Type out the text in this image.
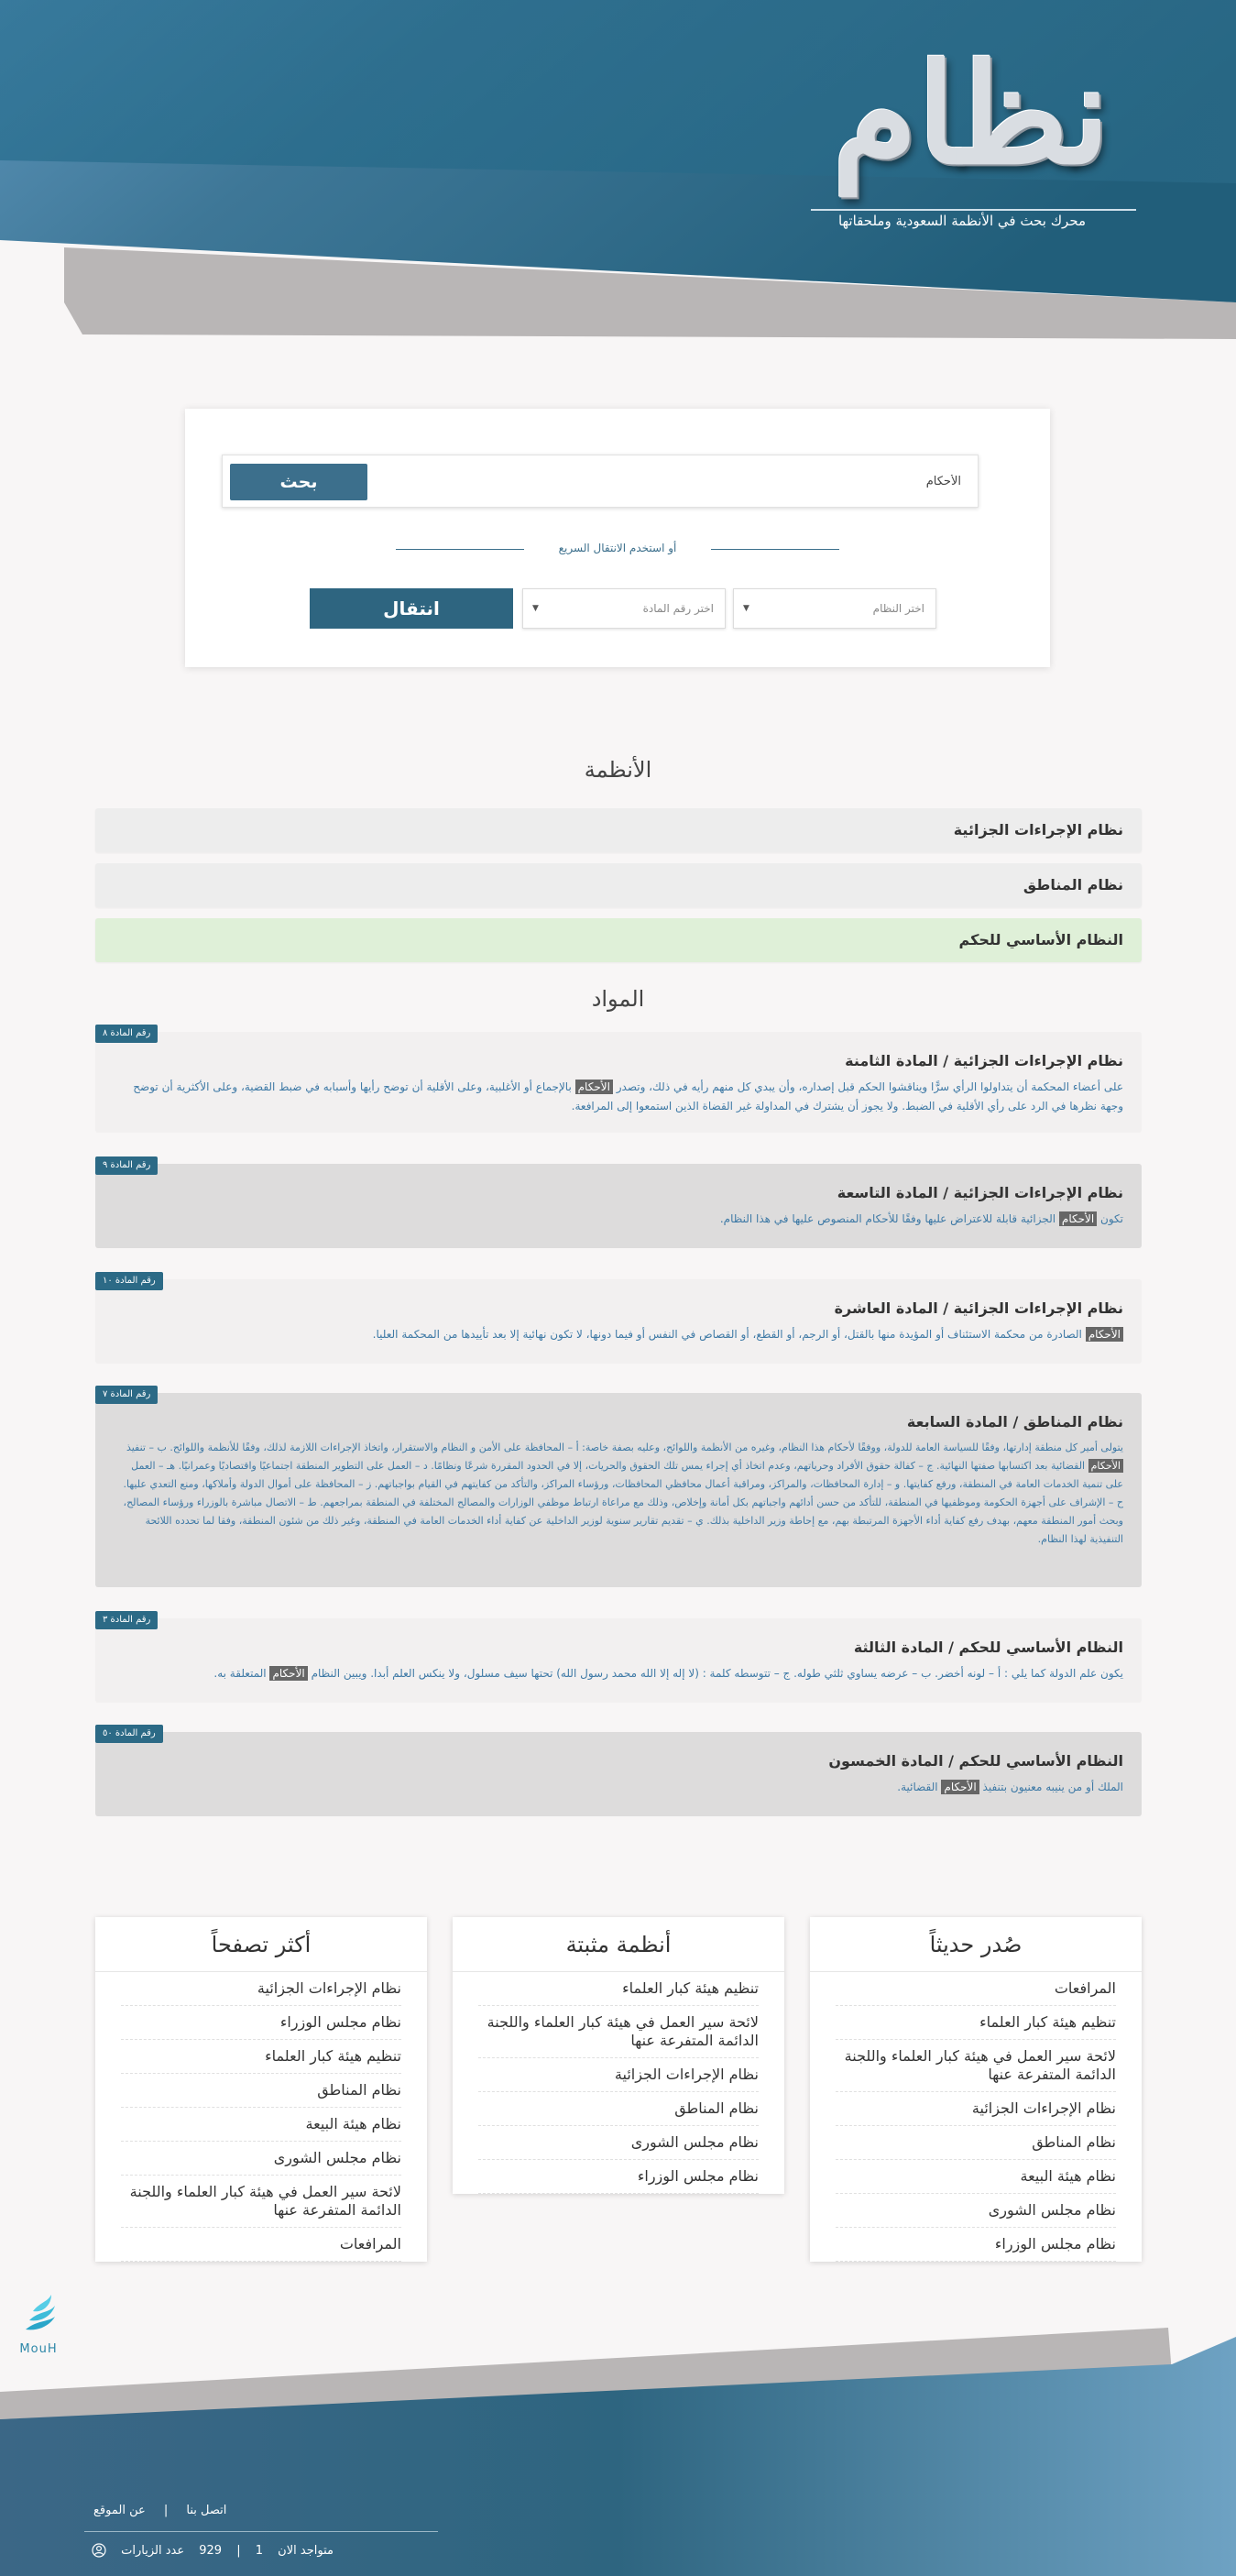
نظام
محرك بحث في الأنظمة السعودية وملحقاتها
الأحكام
بحث
أو استخدم الانتقال السريع
اختر النظام
▼
اختر رقم المادة
▼
انتقال
الأنظمة
نظام الإجراءات الجزائية
نظام المناطق
النظام الأساسي للحكم
المواد
رقم المادة ٨
نظام الإجراءات الجزائية / المادة الثامنة
على أعضاء المحكمة أن يتداولوا الرأي سرًّا ويناقشوا الحكم قبل إصداره، وأن يبدي كل منهم رأيه في ذلك، وتصدر الأحكام بالإجماع أو الأغلبية، وعلى الأقلية أن توضح رأيها وأسبابه في ضبط القضية، وعلى الأكثرية أن توضح وجهة نظرها في الرد على رأي الأقلية في الضبط. ولا يجوز أن يشترك في المداولة غير القضاة الذين استمعوا إلى المرافعة.
رقم المادة ٩
نظام الإجراءات الجزائية / المادة التاسعة
تكون الأحكام الجزائية قابلة للاعتراض عليها وفقًا للأحكام المنصوص عليها في هذا النظام.
رقم المادة ١٠
نظام الإجراءات الجزائية / المادة العاشرة
الأحكام الصادرة من محكمة الاستئناف أو المؤيدة منها بالقتل، أو الرجم، أو القطع، أو القصاص في النفس أو فيما دونها، لا تكون نهائية إلا بعد تأييدها من المحكمة العليا.
رقم المادة ٧
نظام المناطق / المادة السابعة
يتولى أمير كل منطقة إدارتها، وفقًا للسياسة العامة للدولة، ووفقًا لأحكام هذا النظام، وغيره من الأنظمة واللوائح، وعليه بصفة خاصة: أ – المحافظة على الأمن و النظام والاستقرار، واتخاذ الإجراءات اللازمة لذلك، وفقًا للأنظمة واللوائح. ب – تنفيذ الأحكام القضائية بعد اكتسابها صفتها النهائية. ج – كفالة حقوق الأفراد وحرياتهم، وعدم اتخاذ أي إجراء يمس تلك الحقوق والحريات، إلا في الحدود المقررة شرعًا ونظامًا. د – العمل على التطوير المنطقة اجتماعيًا واقتصاديًا وعمرانيًا. هـ – العمل على تنمية الخدمات العامة في المنطقة، ورفع كفايتها. و – إدارة المحافظات، والمراكز، ومراقبة أعمال محافظي المحافظات، ورؤساء المراكز، والتأكد من كفايتهم في القيام بواجباتهم. ز – المحافظة على أموال الدولة وأملاكها، ومنع التعدي عليها. ح – الإشراف على أجهزة الحكومة وموظفيها في المنطقة، للتأكد من حسن أدائهم واجباتهم بكل أمانة وإخلاص، وذلك مع مراعاة ارتباط موظفي الوزارات والمصالح المختلفة في المنطقة بمراجعهم. ط – الاتصال مباشرة بالوزراء ورؤساء المصالح، وبحث أمور المنطقة معهم، بهدف رفع كفاية أداء الأجهزة المرتبطة بهم، مع إحاطة وزير الداخلية بذلك. ي – تقديم تقارير سنوية لوزير الداخلية عن كفاية أداء الخدمات العامة في المنطقة، وغير ذلك من شئون المنطقة، وفقا لما تحدده اللائحة التنفيذية لهذا النظام.
رقم المادة ٣
النظام الأساسي للحكم / المادة الثالثة
يكون علم الدولة كما يلي : أ – لونه أخضر. ب – عرضه يساوي ثلثي طوله. ج – تتوسطه كلمة : (لا إله إلا الله محمد رسول الله) تحتها سيف مسلول، ولا ينكس العلم أبدا. ويبين النظام الأحكام المتعلقة به.
رقم المادة ٥٠
النظام الأساسي للحكم / المادة الخمسون
الملك أو من ينيبه معنيون بتنفيذ الأحكام القضائية.
صُدر حديثاً
المرافعات
تنظيم هيئة كبار العلماء
لائحة سير العمل في هيئة كبار العلماء واللجنة الدائمة المتفرعة عنها
نظام الإجراءات الجزائية
نظام المناطق
نظام هيئة البيعة
نظام مجلس الشورى
نظام مجلس الوزراء
أنظمة مثبتة
تنظيم هيئة كبار العلماء
لائحة سير العمل في هيئة كبار العلماء واللجنة الدائمة المتفرعة عنها
نظام الإجراءات الجزائية
نظام المناطق
نظام مجلس الشورى
نظام مجلس الوزراء
أكثر تصفحاً
نظام الإجراءات الجزائية
نظام مجلس الوزراء
تنظيم هيئة كبار العلماء
نظام المناطق
نظام هيئة البيعة
نظام مجلس الشورى
لائحة سير العمل في هيئة كبار العلماء واللجنة الدائمة المتفرعة عنها
المرافعات
MouH
اتصل بنا | عن الموقع
متواجد الان 1 | 929 عدد الزيارات
